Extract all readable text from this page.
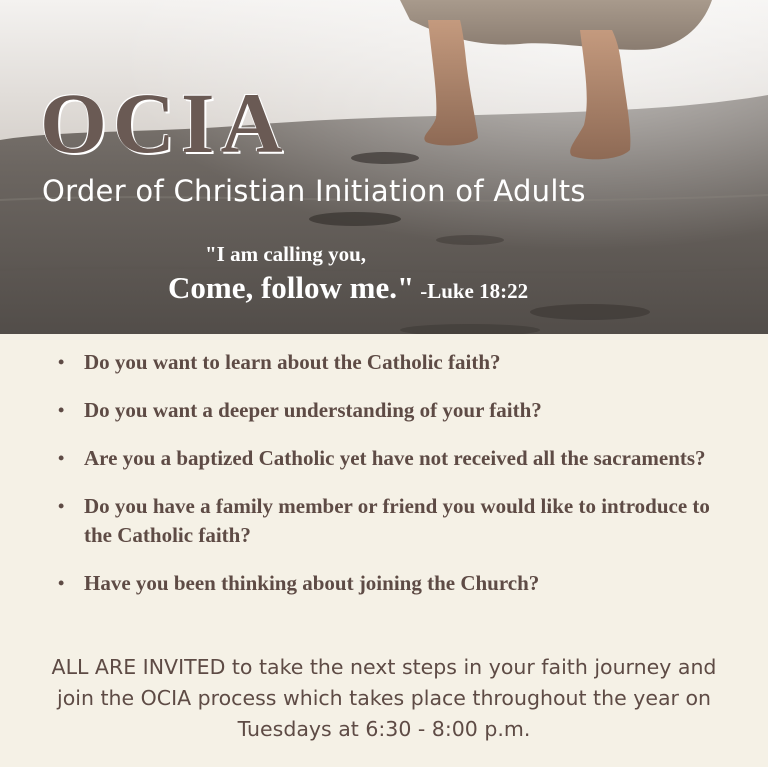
OCIA

Order of Christian Initiation of Adults

"I am calling you,

Come, follow me." -Luke 18:22

• Do you want to learn about the Catholic faith?
• Do you want a deeper understanding of your faith?
• Are you a baptized Catholic yet have not received all the sacraments?
• Do you have a family member or friend you would like to introduce to the Catholic faith?
• Have you been thinking about joining the Church?

ALL ARE INVITED to take the next steps in your faith journey and join the OCIA process which takes place throughout the year on Tuesdays at 6:30 - 8:00 p.m.
